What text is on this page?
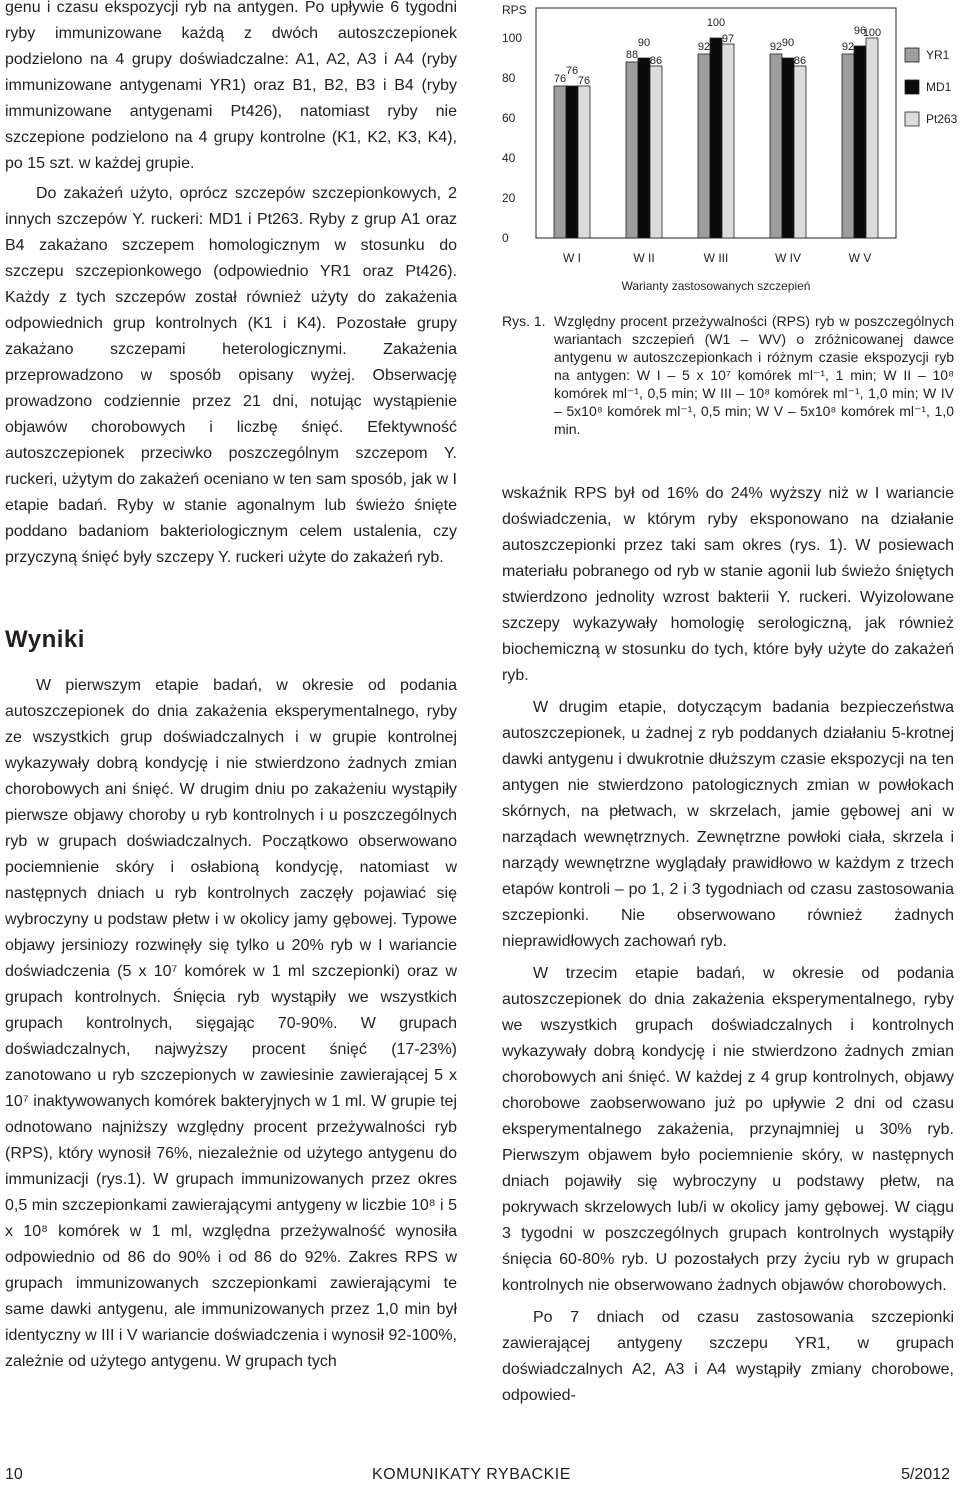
genu i czasu ekspozycji ryb na antygen. Po upływie 6 tygodni ryby immunizowane każdą z dwóch autoszczepionek podzielono na 4 grupy doświadczalne: A1, A2, A3 i A4 (ryby immunizowane antygenami YR1) oraz B1, B2, B3 i B4 (ryby immunizowane antygenami Pt426), natomiast ryby nie szczepione podzielono na 4 grupy kontrolne (K1, K2, K3, K4), po 15 szt. w każdej grupie.

Do zakażeń użyto, oprócz szczepów szczepionkowych, 2 innych szczepów Y. ruckeri: MD1 i Pt263. Ryby z grup A1 oraz B4 zakażano szczepem homologicznym w stosunku do szczepu szczepionkowego (odpowiednio YR1 oraz Pt426). Każdy z tych szczepów został również użyty do zakażenia odpowiednich grup kontrolnych (K1 i K4). Pozostałe grupy zakażano szczepami heterologicznymi. Zakażenia przeprowadzono w sposób opisany wyżej. Obserwację prowadzono codziennie przez 21 dni, notując wystąpienie objawów chorobowych i liczbę śnięć. Efektywność autoszczepionek przeciwko poszczególnym szczepom Y. ruckeri, użytym do zakażeń oceniano w ten sam sposób, jak w I etapie badań. Ryby w stanie agonalnym lub świeżo śnięte poddano badaniom bakteriologicznym celem ustalenia, czy przyczyną śnięć były szczepy Y. ruckeri użyte do zakażeń ryb.

Wyniki

W pierwszym etapie badań, w okresie od podania autoszczepionek do dnia zakażenia eksperymentalnego, ryby ze wszystkich grup doświadczalnych i w grupie kontrolnej wykazywały dobrą kondycję i nie stwierdzono żadnych zmian chorobowych ani śnięć. W drugim dniu po zakażeniu wystąpiły pierwsze objawy choroby u ryb kontrolnych i u poszczególnych ryb w grupach doświadczalnych. Początkowo obserwowano pociemnienie skóry i osłabioną kondycję, natomiast w następnych dniach u ryb kontrolnych zaczęły pojawiać się wybroczyny u podstaw płetw i w okolicy jamy gębowej. Typowe objawy jersiniozy rozwinęły się tylko u 20% ryb w I wariancie doświadczenia (5 x 10⁷ komórek w 1 ml szczepionki) oraz w grupach kontrolnych. Śnięcia ryb wystąpiły we wszystkich grupach kontrolnych, sięgając 70-90%. W grupach doświadczalnych, najwyższy procent śnięć (17-23%) zanotowano u ryb szczepionych w zawiesinie zawierającej 5 x 10⁷ inaktywowanych komórek bakteryjnych w 1 ml. W grupie tej odnotowano najniższy względny procent przeżywalności ryb (RPS), który wynosił 76%, niezależnie od użytego antygenu do immunizacji (rys.1). W grupach immunizowanych przez okres 0,5 min szczepionkami zawierającymi antygeny w liczbie 10⁸ i 5 x 10⁸ komórek w 1 ml, względna przeżywalność wynosiła odpowiednio od 86 do 90% i od 86 do 92%. Zakres RPS w grupach immunizowanych szczepionkami zawierającymi te same dawki antygenu, ale immunizowanych przez 1,0 min był identyczny w III i V wariancie doświadczenia i wynosił 92-100%, zależnie od użytego antygenu. W grupach tych

RPS
0
20
40
60
80
100
76
76
76
W I
88
90
86
W II
92
100
97
W III
92 90
86
W IV
92
96
100
W V
Warianty zastosowanych szczepień
YR1
MD1
Pt263
Rys. 1. Względny procent przeżywalności (RPS) ryb w poszczególnych wariantach szczepień (W1 – WV) o zróżnicowanej dawce antygenu w autoszczepionkach i różnym czasie ekspozycji ryb na antygen: W I – 5 x 10⁷ komórek ml⁻¹, 1 min; W II – 10⁸ komórek ml⁻¹, 0,5 min; W III – 10⁸ komórek ml⁻¹, 1,0 min; W IV – 5x10⁸ komórek ml⁻¹, 0,5 min; W V – 5x10⁸ komórek ml⁻¹, 1,0 min.

wskaźnik RPS był od 16% do 24% wyższy niż w I wariancie doświadczenia, w którym ryby eksponowano na działanie autoszczepionki przez taki sam okres (rys. 1). W posiewach materiału pobranego od ryb w stanie agonii lub świeżo śniętych stwierdzono jednolity wzrost bakterii Y. ruckeri. Wyizolowane szczepy wykazywały homologię serologiczną, jak również biochemiczną w stosunku do tych, które były użyte do zakażeń ryb.

W drugim etapie, dotyczącym badania bezpieczeństwa autoszczepionek, u żadnej z ryb poddanych działaniu 5-krotnej dawki antygenu i dwukrotnie dłuższym czasie ekspozycji na ten antygen nie stwierdzono patologicznych zmian w powłokach skórnych, na płetwach, w skrzelach, jamie gębowej ani w narządach wewnętrznych. Zewnętrzne powłoki ciała, skrzela i narządy wewnętrzne wyglądały prawidłowo w każdym z trzech etapów kontroli – po 1, 2 i 3 tygodniach od czasu zastosowania szczepionki. Nie obserwowano również żadnych nieprawidłowych zachowań ryb.

W trzecim etapie badań, w okresie od podania autoszczepionek do dnia zakażenia eksperymentalnego, ryby we wszystkich grupach doświadczalnych i kontrolnych wykazywały dobrą kondycję i nie stwierdzono żadnych zmian chorobowych ani śnięć. W każdej z 4 grup kontrolnych, objawy chorobowe zaobserwowano już po upływie 2 dni od czasu eksperymentalnego zakażenia, przynajmniej u 30% ryb. Pierwszym objawem było pociemnienie skóry, w następnych dniach pojawiły się wybroczyny u podstawy płetw, na pokrywach skrzelowych lub/i w okolicy jamy gębowej. W ciągu 3 tygodni w poszczególnych grupach kontrolnych wystąpiły śnięcia 60-80% ryb. U pozostałych przy życiu ryb w grupach kontrolnych nie obserwowano żadnych objawów chorobowych.

Po 7 dniach od czasu zastosowania szczepionki zawierającej antygeny szczepu YR1, w grupach doświadczalnych A2, A3 i A4 wystąpiły zmiany chorobowe, odpowied-

10	KOMUNIKATY RYBACKIE	5/2012
